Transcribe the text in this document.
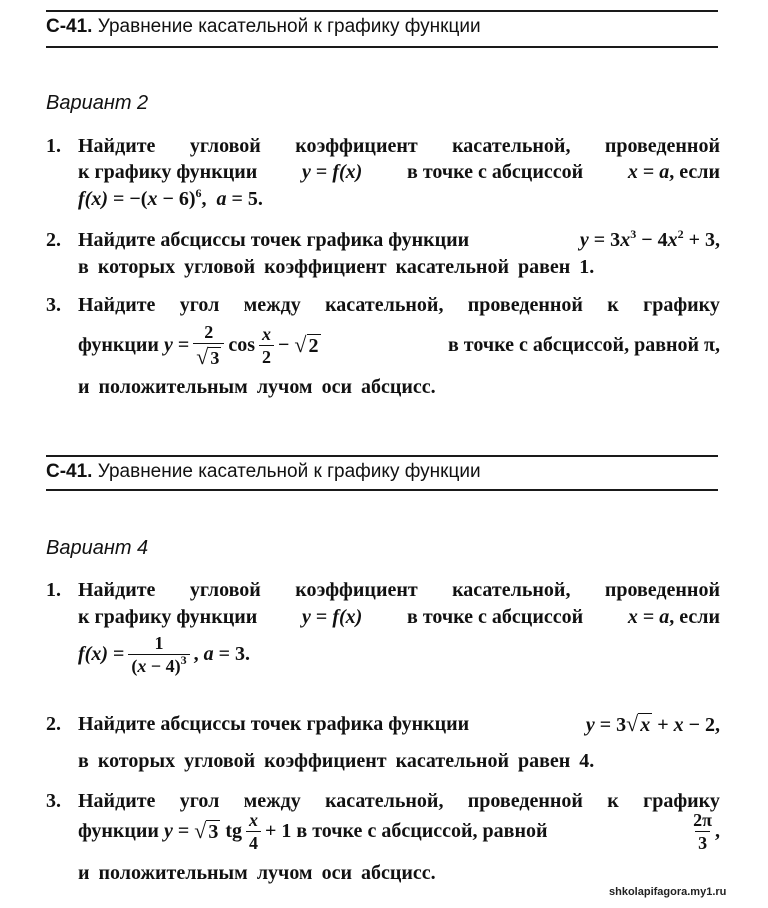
С-41. Уравнение касательной к графику функции
Вариант 2
1. Найдите угловой коэффициент касательной, проведенной
к графику функции y = f(x) в точке с абсциссой x = a, если
$f(x) = -(x - 6)^6$, a = 5.
2. Найдите абсциссы точек графика функции	$y = 3x^3 - 4x^2 + 3$,
в которых угловой коэффициент касательной равен 1.
3. Найдите угол между касательной, проведенной к графику
функции
y
= $\frac{2}{√ 3}$ $\cos \frac{x}{2}$ −
√ 2	в точке с абсциссой, равной π,
и положительным лучом оси абсцисс.
С-41. Уравнение касательной к графику функции
Вариант 4
1. Найдите угловой коэффициент касательной, проведенной
к графику функции y = f(x) в точке с абсциссой x = a, если
f(x)
= $\frac{1}{(x - 4)^3}$ ,
a
= 3.
2. Найдите абсциссы точек графика функции	y = 3√ x + x − 2,
в которых угловой коэффициент касательной равен 4.
3. Найдите угол между касательной, проведенной к графику
функции
y
=
√ 3
tg $\frac{x}{4} + 1$ в точке с абсциссой, равной	$\frac{2\pi}{3}$ ,
и положительным лучом оси абсцисс.
shkolapifagora.my1.ru
